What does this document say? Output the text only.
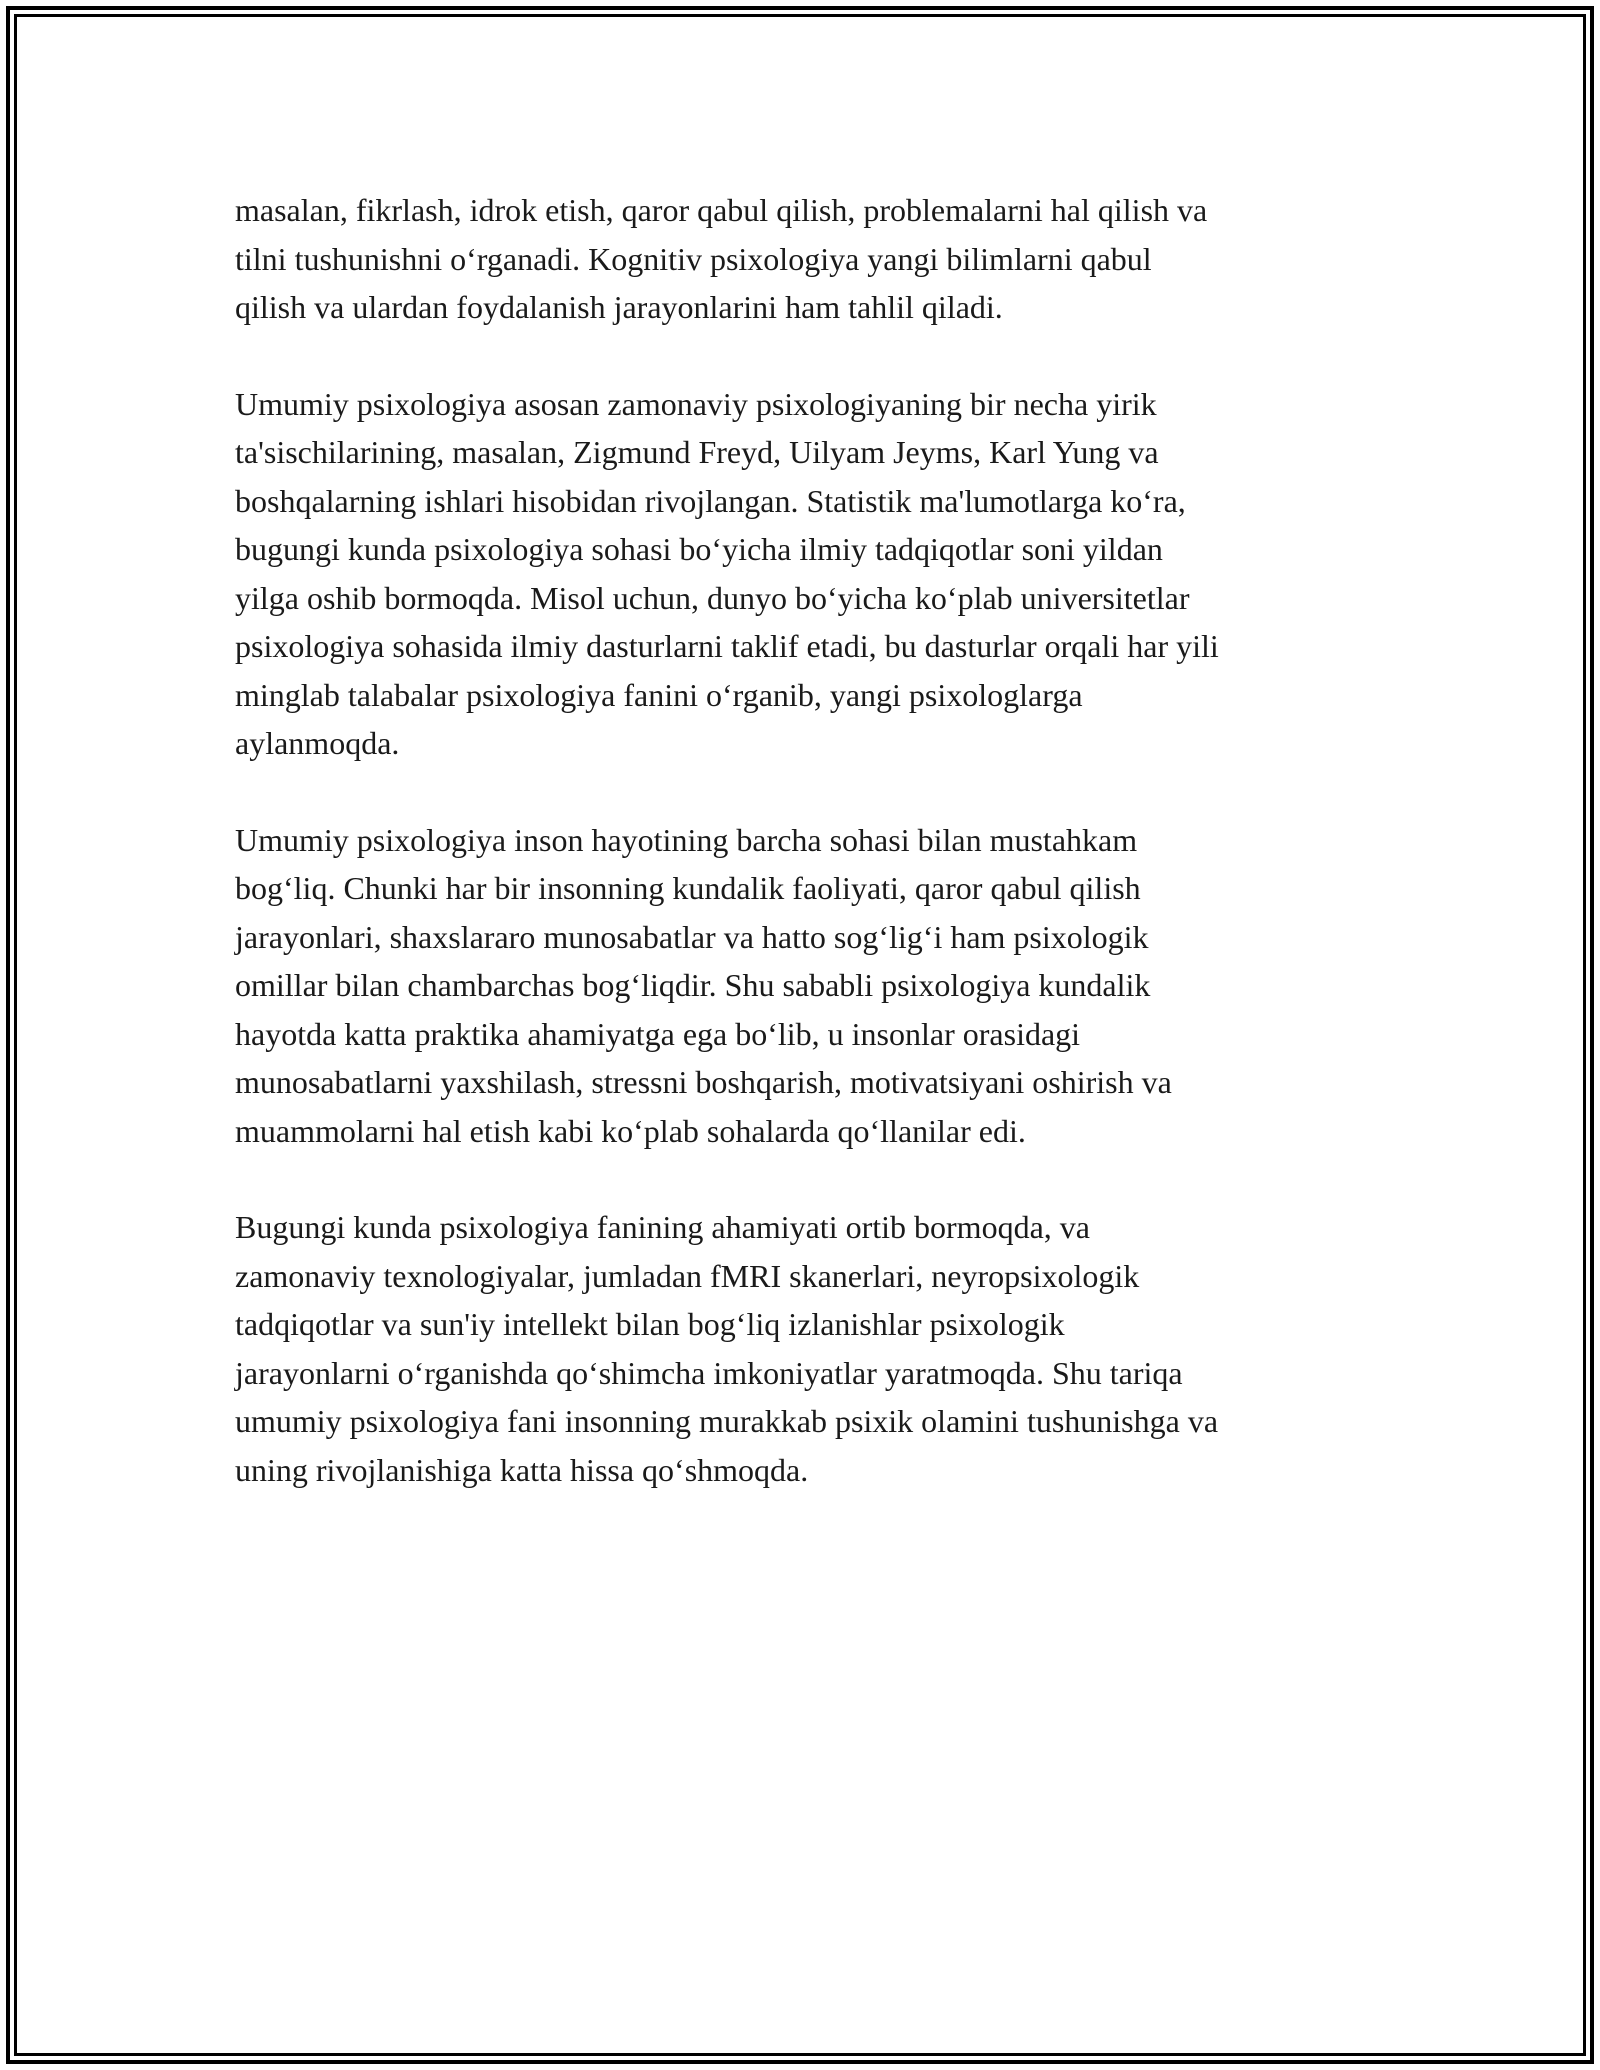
masalan, fikrlash, idrok etish, qaror qabul qilish, problemalarni hal qilish va
tilni tushunishni o‘rganadi. Kognitiv psixologiya yangi bilimlarni qabul
qilish va ulardan foydalanish jarayonlarini ham tahlil qiladi.

Umumiy psixologiya asosan zamonaviy psixologiyaning bir necha yirik
ta'sischilarining, masalan, Zigmund Freyd, Uilyam Jeyms, Karl Yung va
boshqalarning ishlari hisobidan rivojlangan. Statistik ma'lumotlarga ko‘ra,
bugungi kunda psixologiya sohasi bo‘yicha ilmiy tadqiqotlar soni yildan
yilga oshib bormoqda. Misol uchun, dunyo bo‘yicha ko‘plab universitetlar
psixologiya sohasida ilmiy dasturlarni taklif etadi, bu dasturlar orqali har yili
minglab talabalar psixologiya fanini o‘rganib, yangi psixologlarga
aylanmoqda.

Umumiy psixologiya inson hayotining barcha sohasi bilan mustahkam
bog‘liq. Chunki har bir insonning kundalik faoliyati, qaror qabul qilish
jarayonlari, shaxslararo munosabatlar va hatto sog‘lig‘i ham psixologik
omillar bilan chambarchas bog‘liqdir. Shu sababli psixologiya kundalik
hayotda katta praktika ahamiyatga ega bo‘lib, u insonlar orasidagi
munosabatlarni yaxshilash, stressni boshqarish, motivatsiyani oshirish va
muammolarni hal etish kabi ko‘plab sohalarda qo‘llanilar edi.

Bugungi kunda psixologiya fanining ahamiyati ortib bormoqda, va
zamonaviy texnologiyalar, jumladan fMRI skanerlari, neyropsixologik
tadqiqotlar va sun'iy intellekt bilan bog‘liq izlanishlar psixologik
jarayonlarni o‘rganishda qo‘shimcha imkoniyatlar yaratmoqda. Shu tariqa
umumiy psixologiya fani insonning murakkab psixik olamini tushunishga va
uning rivojlanishiga katta hissa qo‘shmoqda.
